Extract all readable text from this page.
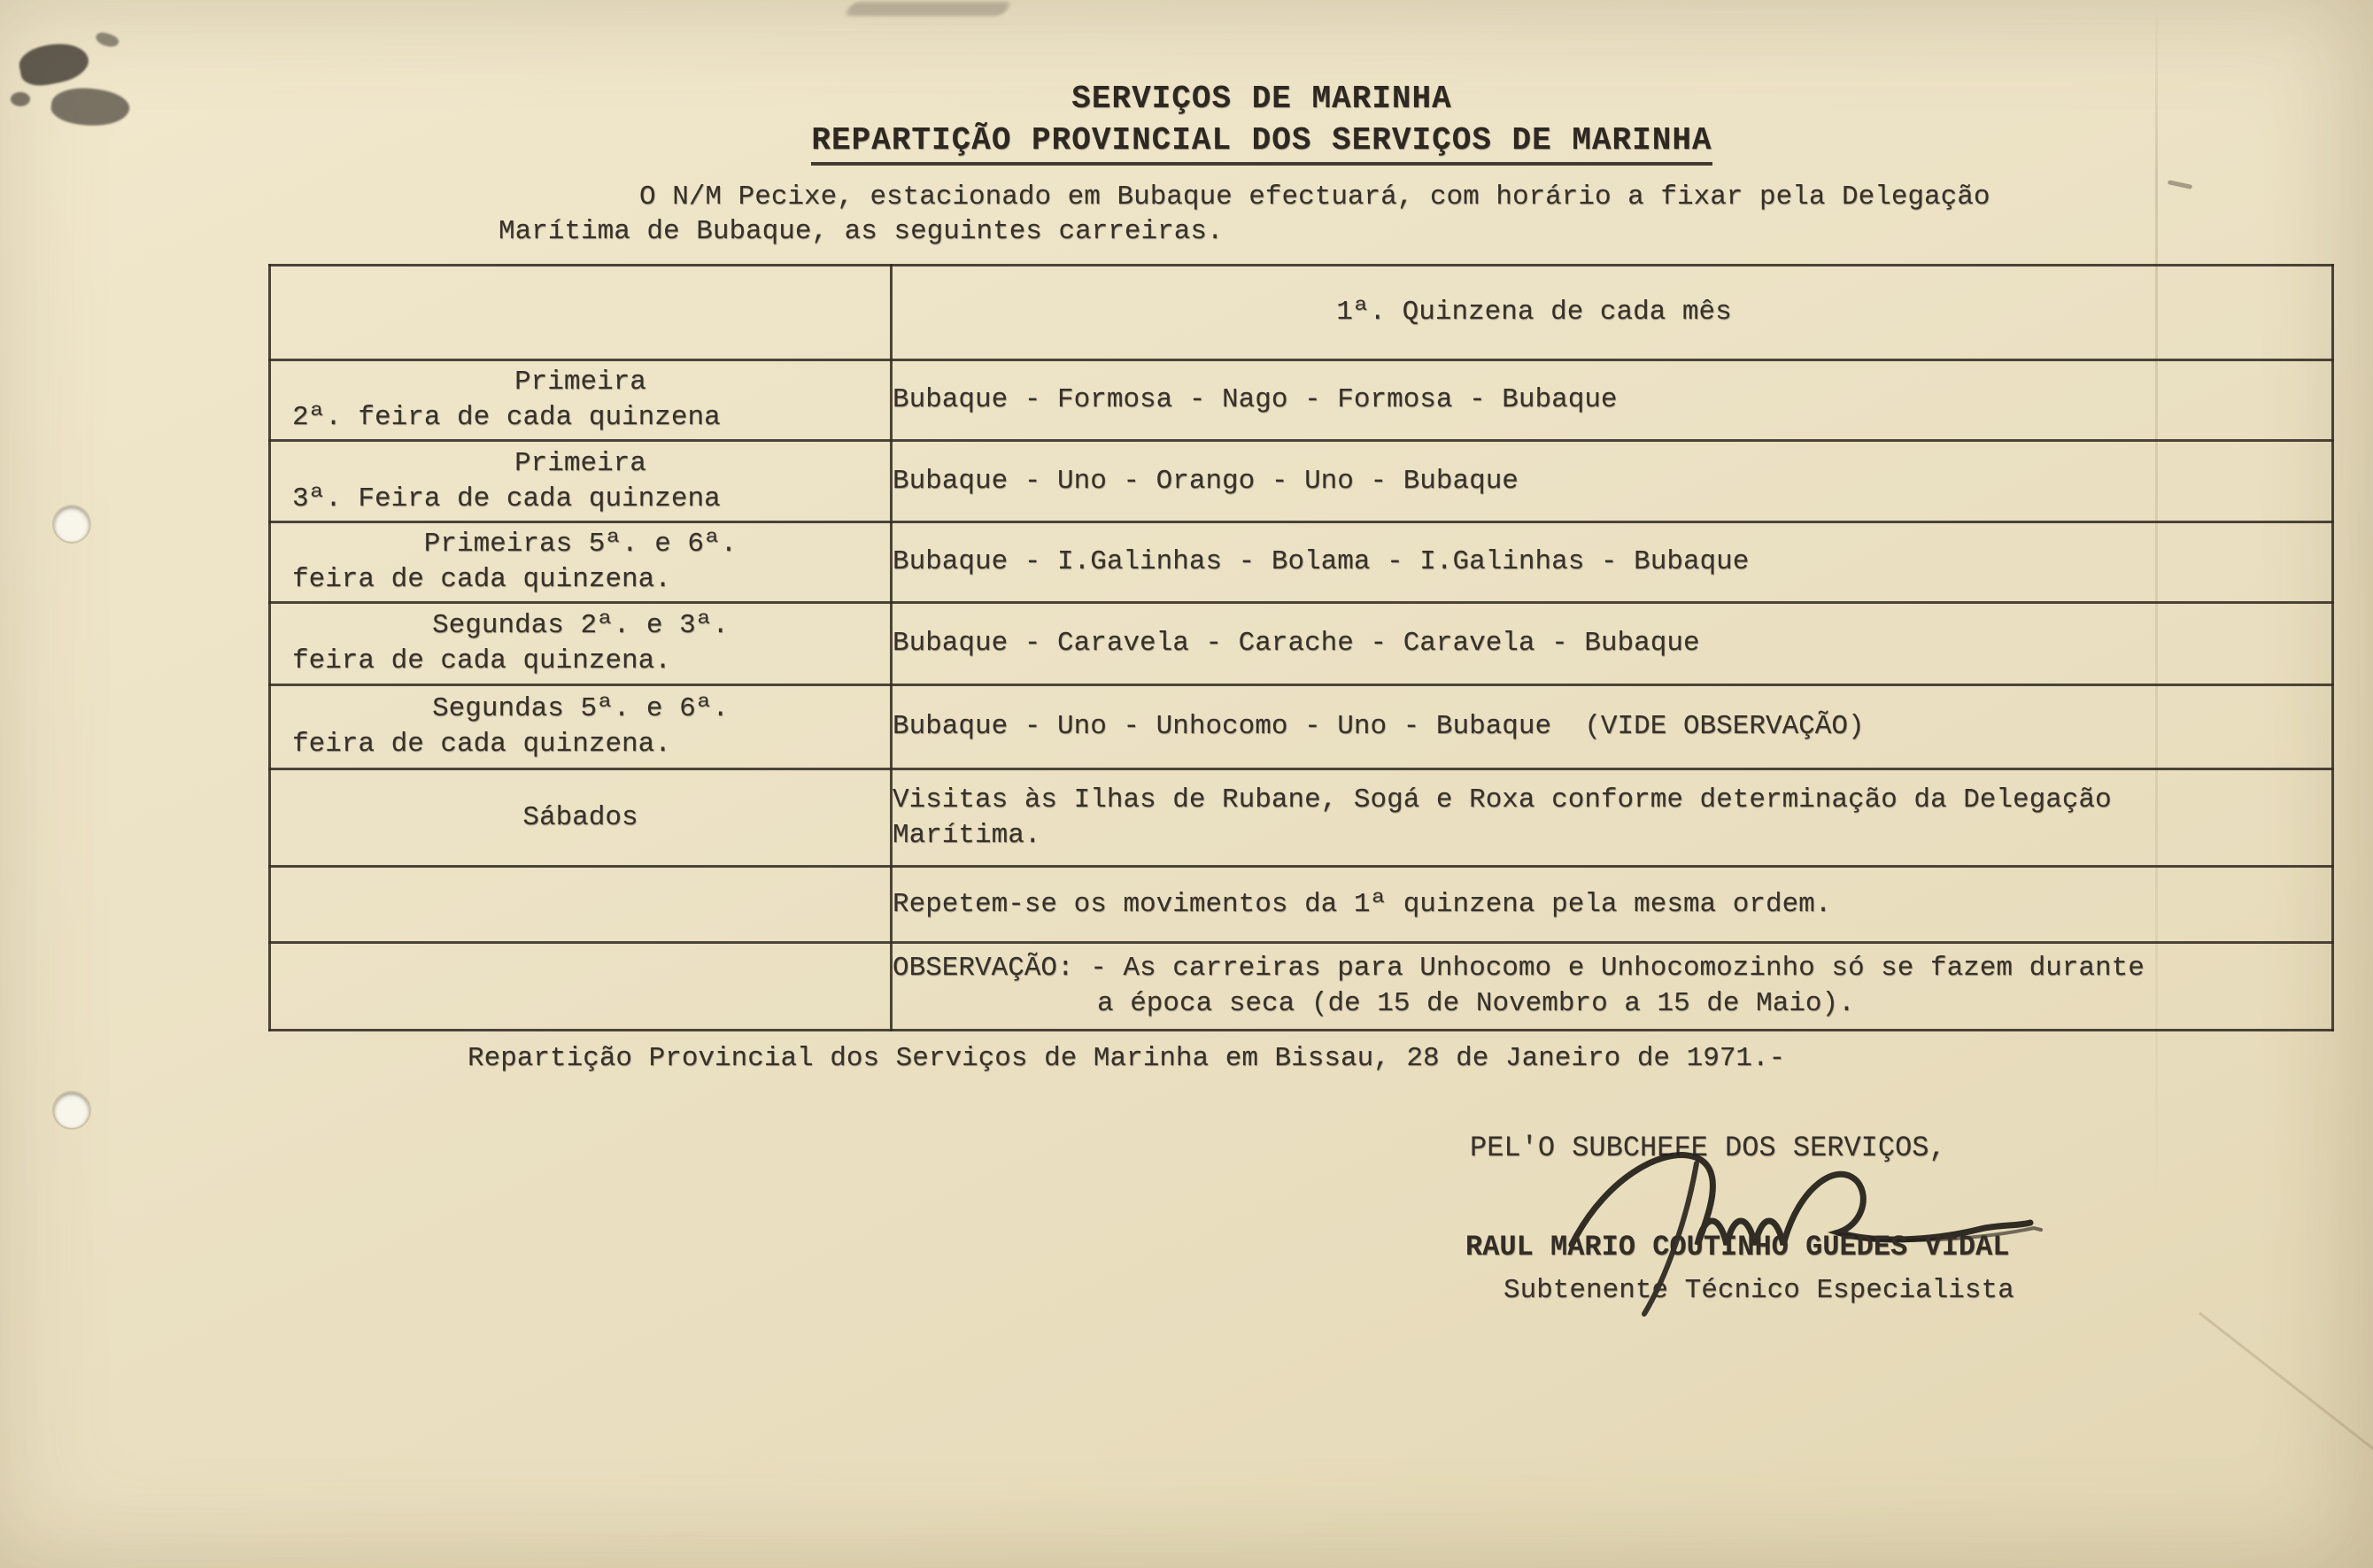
SERVIÇOS DE MARINHA
REPARTIÇÃO PROVINCIAL DOS SERVIÇOS DE MARINHA
O N/M Pecixe, estacionado em Bubaque efectuará, com horário a fixar pela Delegação
Marítima de Bubaque, as seguintes carreiras.

	1ª. Quinzena de cada mês

Primeira
2ª. feira de cada quinzena	Bubaque - Formosa - Nago - Formosa - Bubaque

Primeira
3ª. Feira de cada quinzena	Bubaque - Uno - Orango - Uno - Bubaque

Primeiras 5ª. e 6ª.
feira de cada quinzena.	Bubaque - I.Galinhas - Bolama - I.Galinhas - Bubaque

Segundas 2ª. e 3ª.
feira de cada quinzena.	Bubaque - Caravela - Carache - Caravela - Bubaque

Segundas 5ª. e 6ª.
feira de cada quinzena.	Bubaque - Uno - Unhocomo - Uno - Bubaque  (VIDE OBSERVAÇÃO)

Sábados	Visitas às Ilhas de Rubane, Sogá e Roxa conforme determinação da Delegação
Marítima.

	Repetem-se os movimentos da 1ª quinzena pela mesma ordem.

	OBSERVAÇÃO: - As carreiras para Unhocomo e Unhocomozinho só se fazem durante
a época seca (de 15 de Novembro a 15 de Maio).
Repartição Provincial dos Serviços de Marinha em Bissau, 28 de Janeiro de 1971.-
PEL'O SUBCHEFE DOS SERVIÇOS,
RAUL MÁRIO COUTINHO GUEDES VIDAL
Subtenente Técnico Especialista
